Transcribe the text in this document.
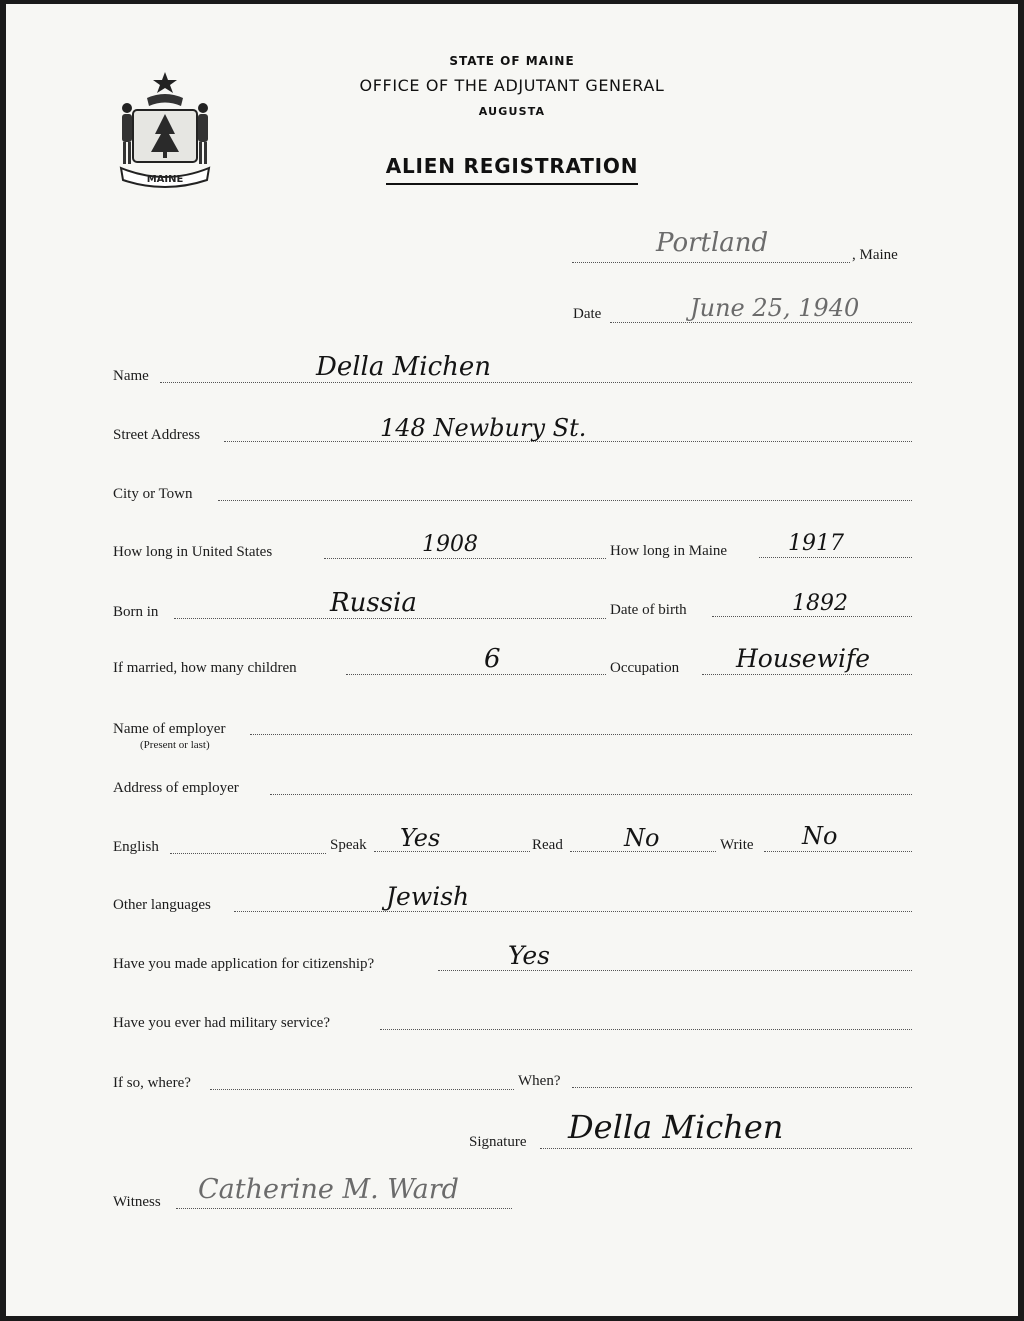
MAINE
STATE OF MAINE
OFFICE OF THE ADJUTANT GENERAL
AUGUSTA
ALIEN REGISTRATION
Portland	, Maine
Date	June 25, 1940
Name	Della Michen
Street Address	148 Newbury St.
City or Town
How long in United States	1908	How long in Maine	1917
Born in	Russia	Date of birth	1892
If married, how many children	6	Occupation Housewife
Name of employer
(Present or last)
Address of employer
English	Speak Yes	Read	No	Write No
Other languages	Jewish
Have you made application for citizenship?	Yes
Have you ever had military service?
If so, where?	When?
Signature Della Michen
Witness Catherine M. Ward
